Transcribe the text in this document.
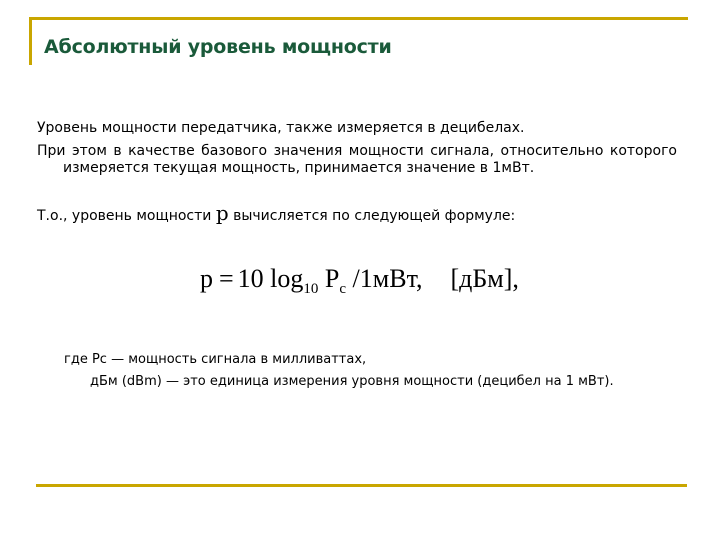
Абсолютный уровень мощности

Уровень мощности передатчика, также измеряется в децибелах.

При этом в качестве базового значения мощности сигнала, относительно которого измеряется текущая мощность, принимается значение в 1мВт.

Т.о., уровень мощности р вычисляется по следующей формуле:

р = 10 $\log_{10} P_c$ /1мВт, [дБм],

где Рс — мощность сигнала в милливаттах,

дБм (dBm) — это единица измерения уровня мощности (децибел на 1 мВт).
